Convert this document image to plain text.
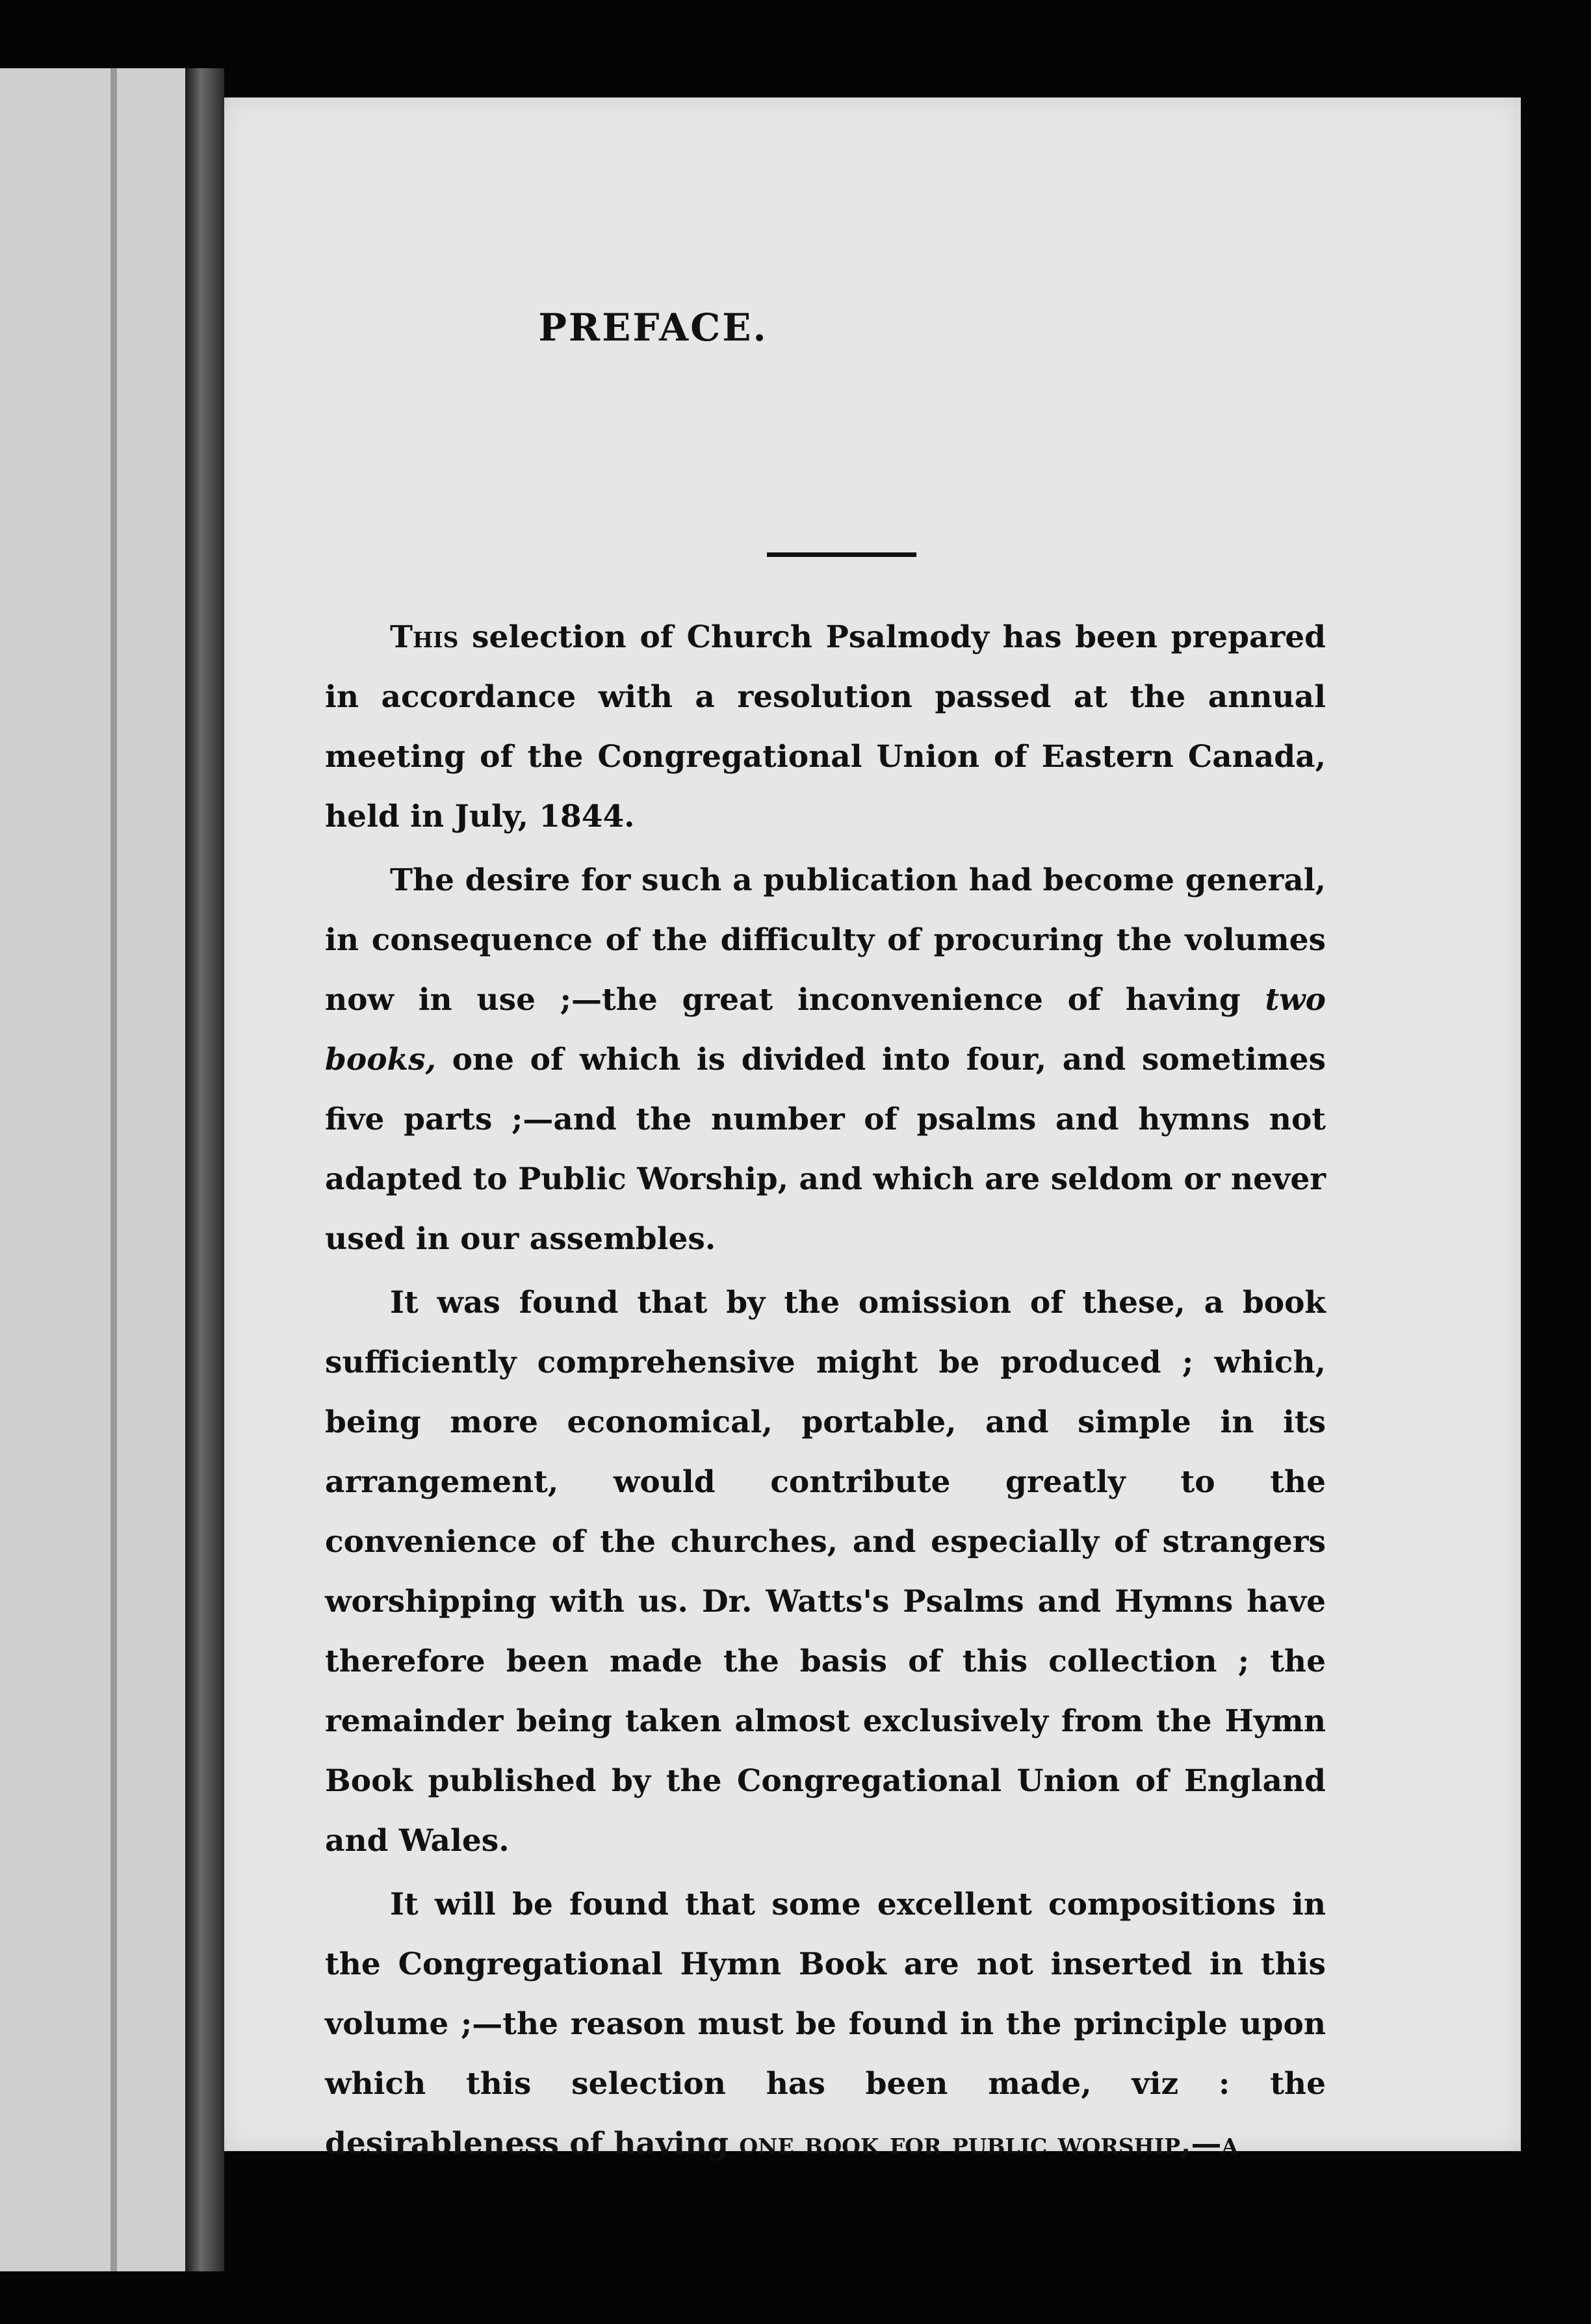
PREFACE.

This selection of Church Psalmody has been prepared in accordance with a resolution passed at the annual meeting of the Congregational Union of Eastern Canada, held in July, 1844.

The desire for such a publication had become general, in consequence of the difficulty of procuring the volumes now in use ;—the great inconvenience of having two books, one of which is divided into four, and sometimes five parts ;—and the number of psalms and hymns not adapted to Public Worship, and which are seldom or never used in our assembles.

It was found that by the omission of these, a book sufficiently comprehensive might be produced ; which, being more economical, portable, and simple in its arrangement, would contribute greatly to the convenience of the churches, and especially of strangers worshipping with us. Dr. Watts's Psalms and Hymns have therefore been made the basis of this collection ; the remainder being taken almost exclusively from the Hymn Book published by the Congregational Union of England and Wales.

It will be found that some excellent compositions in the Congregational Hymn Book are not inserted in this volume ;—the reason must be found in the principle upon which this selection has been made, viz : the desirableness of having one book for public worship,—a
